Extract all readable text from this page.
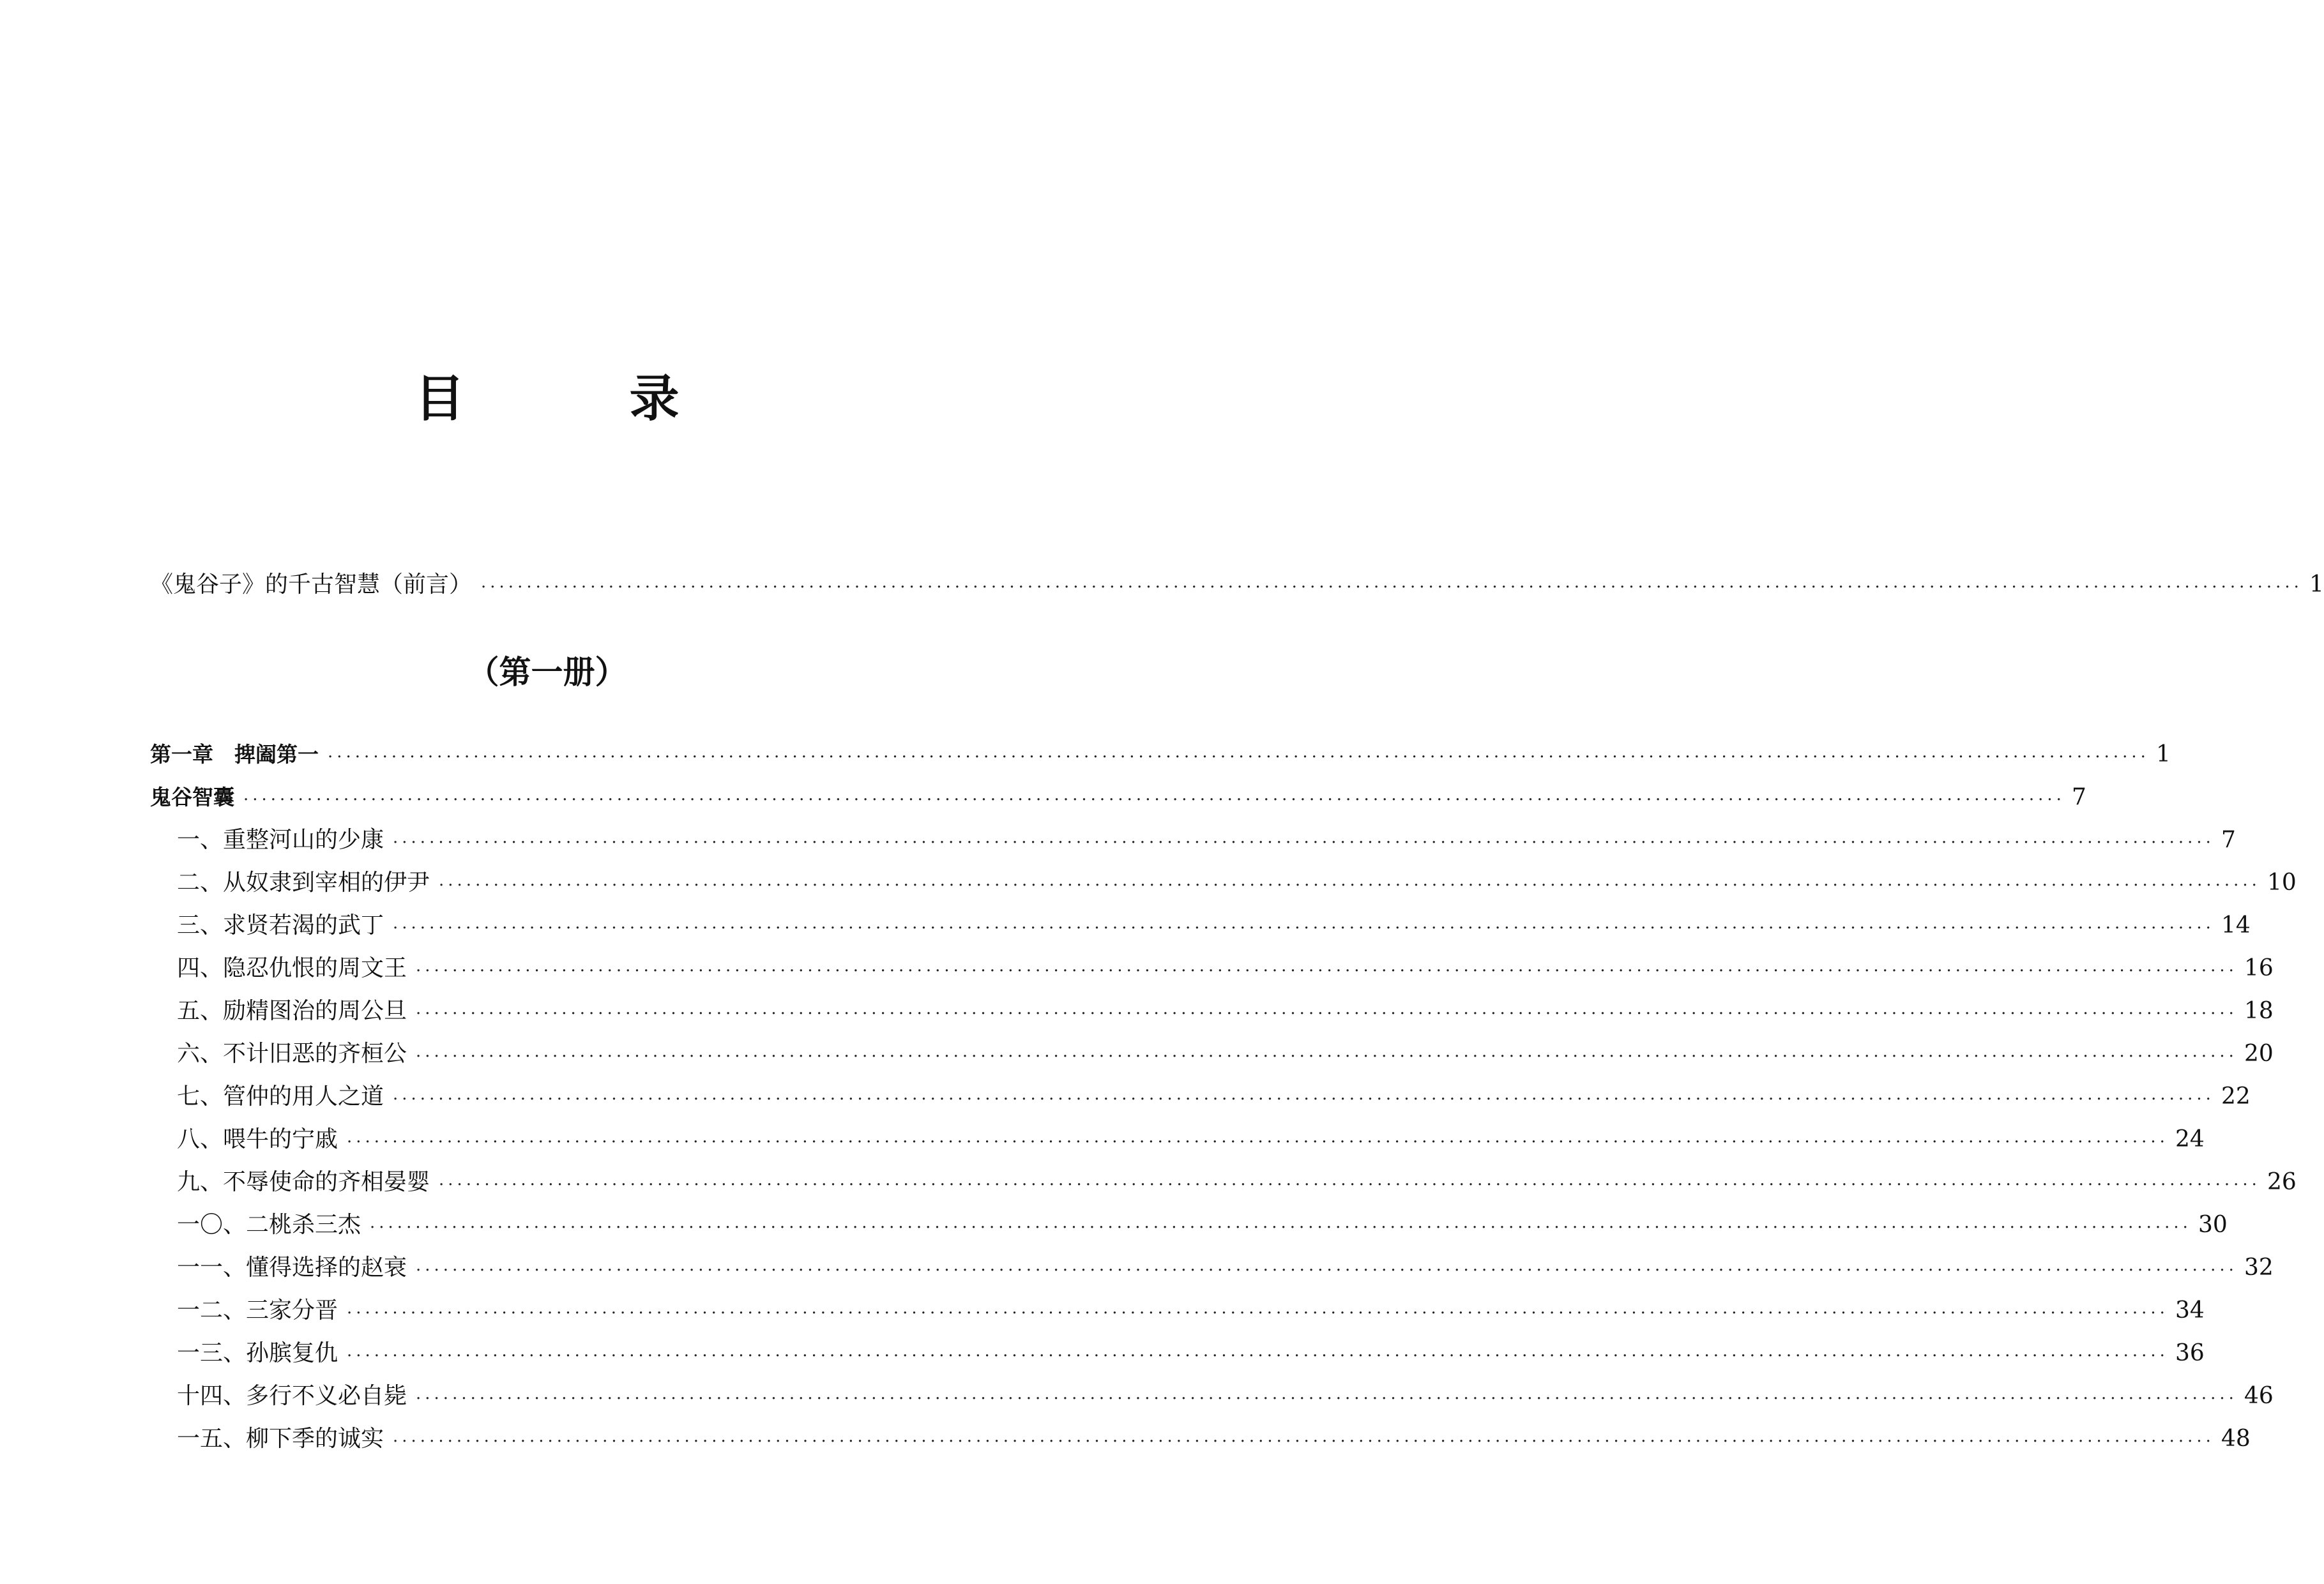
目　录
《鬼谷子》的千古智慧（前言） ········································································································································································································ 1
（第一册）
第一章　捭阖第一 ········································································································································································································ 1
鬼谷智囊 ········································································································································································································ 7
一、重整河山的少康 ········································································································································································································ 7
二、从奴隶到宰相的伊尹 ········································································································································································································ 10
三、求贤若渴的武丁 ········································································································································································································ 14
四、隐忍仇恨的周文王 ········································································································································································································ 16
五、励精图治的周公旦 ········································································································································································································ 18
六、不计旧恶的齐桓公 ········································································································································································································ 20
七、管仲的用人之道 ········································································································································································································ 22
八、喂牛的宁戚 ········································································································································································································ 24
九、不辱使命的齐相晏婴 ········································································································································································································ 26
一〇、二桃杀三杰 ········································································································································································································ 30
一一、懂得选择的赵衰 ········································································································································································································ 32
一二、三家分晋 ········································································································································································································ 34
一三、孙膑复仇 ········································································································································································································ 36
十四、多行不义必自毙 ········································································································································································································ 46
一五、柳下季的诚实 ········································································································································································································ 48
